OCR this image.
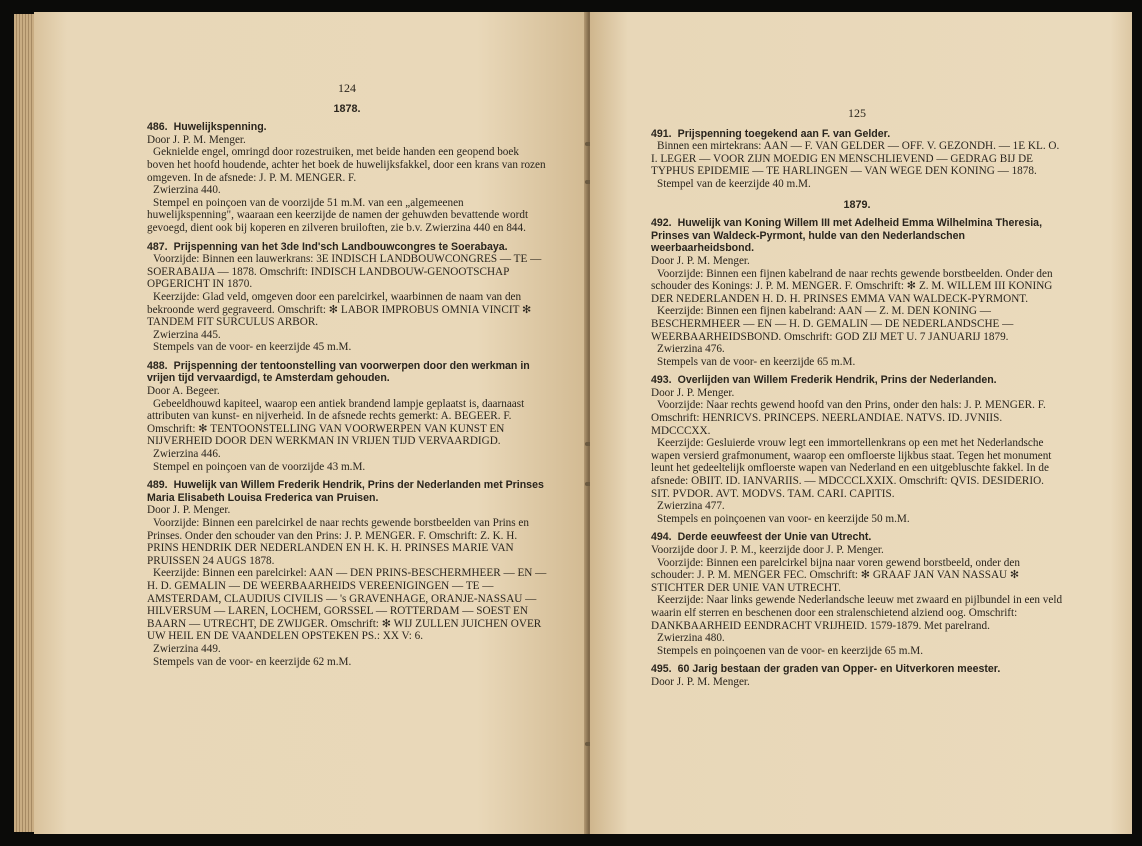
124
1878.
486. Huwelijkspenning.

Door J. P. M. Menger.

Geknielde engel, omringd door rozestruiken, met beide handen een geopend boek boven het hoofd houdende, achter het boek de huwelijksfakkel, door een krans van rozen omgeven. In de afsnede: J. P. M. MENGER. F.

Zwierzina 440.

Stempel en poinçoen van de voorzijde 51 m.M. van een „algemeenen huwelijkspenning", waaraan een keerzijde de namen der gehuwden bevattende wordt gevoegd, dient ook bij koperen en zilveren bruiloften, zie b.v. Zwierzina 440 en 844.

487. Prijspenning van het 3de Ind'sch Landbouwcongres te Soerabaya.

Voorzijde: Binnen een lauwerkrans: 3E INDISCH LANDBOUWCONGRES — TE — SOERABAIJA — 1878. Omschrift: INDISCH LANDBOUW-GENOOTSCHAP OPGERICHT IN 1870.

Keerzijde: Glad veld, omgeven door een parelcirkel, waarbinnen de naam van den bekroonde werd gegraveerd. Omschrift: ✻ LABOR IMPROBUS OMNIA VINCIT ✻ TANDEM FIT SURCULUS ARBOR.

Zwierzina 445.

Stempels van de voor- en keerzijde 45 m.M.

488. Prijspenning der tentoonstelling van voorwerpen door den werkman in vrijen tijd vervaardigd, te Amsterdam gehouden.

Door A. Begeer.

Gebeeldhouwd kapiteel, waarop een antiek brandend lampje geplaatst is, daarnaast attributen van kunst- en nijverheid. In de afsnede rechts gemerkt: A. BEGEER. F. Omschrift: ✻ TENTOONSTELLING VAN VOORWERPEN VAN KUNST EN NIJVERHEID DOOR DEN WERKMAN IN VRIJEN TIJD VERVAARDIGD.

Zwierzina 446.

Stempel en poinçoen van de voorzijde 43 m.M.

489. Huwelijk van Willem Frederik Hendrik, Prins der Nederlanden met Prinses Maria Elisabeth Louisa Frederica van Pruisen.

Door J. P. Menger.

Voorzijde: Binnen een parelcirkel de naar rechts gewende borstbeelden van Prins en Prinses. Onder den schouder van den Prins: J. P. MENGER. F. Omschrift: Z. K. H. PRINS HENDRIK DER NEDERLANDEN EN H. K. H. PRINSES MARIE VAN PRUISSEN 24 AUGS 1878.

Keerzijde: Binnen een parelcirkel: AAN — DEN PRINS-BESCHERMHEER — EN — H. D. GEMALIN — DE WEERBAARHEIDS VEREENIGINGEN — TE — AMSTERDAM, CLAUDIUS CIVILIS — 's GRAVENHAGE, ORANJE-NASSAU — HILVERSUM — LAREN, LOCHEM, GORSSEL — ROTTERDAM — SOEST EN BAARN — UTRECHT, DE ZWIJGER. Omschrift: ✻ WIJ ZULLEN JUICHEN OVER UW HEIL EN DE VAANDELEN OPSTEKEN PS.: XX V: 6.

Zwierzina 449.

Stempels van de voor- en keerzijde 62 m.M.

125
491. Prijspenning toegekend aan F. van Gelder.

Binnen een mirtekrans: AAN — F. VAN GELDER — OFF. V. GEZONDH. — 1E KL. O. I. LEGER — VOOR ZIJN MOEDIG EN MENSCHLIEVEND — GEDRAG BIJ DE TYPHUS EPIDEMIE — TE HARLINGEN — VAN WEGE DEN KONING — 1878.

Stempel van de keerzijde 40 m.M.

1879.
492. Huwelijk van Koning Willem III met Adelheid Emma Wilhelmina Theresia, Prinses van Waldeck-Pyrmont, hulde van den Nederlandschen weerbaarheidsbond.

Door J. P. M. Menger.

Voorzijde: Binnen een fijnen kabelrand de naar rechts gewende borstbeelden. Onder den schouder des Konings: J. P. M. MENGER. F. Omschrift: ✻ Z. M. WILLEM III KONING DER NEDERLANDEN H. D. H. PRINSES EMMA VAN WALDECK-PYRMONT.

Keerzijde: Binnen een fijnen kabelrand: AAN — Z. M. DEN KONING — BESCHERMHEER — EN — H. D. GEMALIN — DE NEDERLANDSCHE — WEERBAARHEIDSBOND. Omschrift: GOD ZIJ MET U. 7 JANUARIJ 1879.

Zwierzina 476.

Stempels van de voor- en keerzijde 65 m.M.

493. Overlijden van Willem Frederik Hendrik, Prins der Nederlanden.

Door J. P. Menger.

Voorzijde: Naar rechts gewend hoofd van den Prins, onder den hals: J. P. MENGER. F. Omschrift: HENRICVS. PRINCEPS. NEERLANDIAE. NATVS. ID. JVNIIS. MDCCCXX.

Keerzijde: Gesluierde vrouw legt een immortellenkrans op een met het Nederlandsche wapen versierd grafmonument, waarop een omfloerste lijkbus staat. Tegen het monument leunt het gedeeltelijk omfloerste wapen van Nederland en een uitgebluschte fakkel. In de afsnede: OBIIT. ID. IANVARIIS. — MDCCCLXXIX. Omschrift: QVIS. DESIDERIO. SIT. PVDOR. AVT. MODVS. TAM. CARI. CAPITIS.

Zwierzina 477.

Stempels en poinçoenen van voor- en keerzijde 50 m.M.

494. Derde eeuwfeest der Unie van Utrecht.

Voorzijde door J. P. M., keerzijde door J. P. Menger.

Voorzijde: Binnen een parelcirkel bijna naar voren gewend borstbeeld, onder den schouder: J. P. M. MENGER FEC. Omschrift: ✻ GRAAF JAN VAN NASSAU ✻ STICHTER DER UNIE VAN UTRECHT.

Keerzijde: Naar links gewende Nederlandsche leeuw met zwaard en pijlbundel in een veld waarin elf sterren en beschenen door een stralenschietend alziend oog. Omschrift: DANKBAARHEID EENDRACHT VRIJHEID. 1579-1879. Met parelrand.

Zwierzina 480.

Stempels en poinçoenen van de voor- en keerzijde 65 m.M.

495. 60 Jarig bestaan der graden van Opper- en Uitverkoren meester.

Door J. P. M. Menger.
